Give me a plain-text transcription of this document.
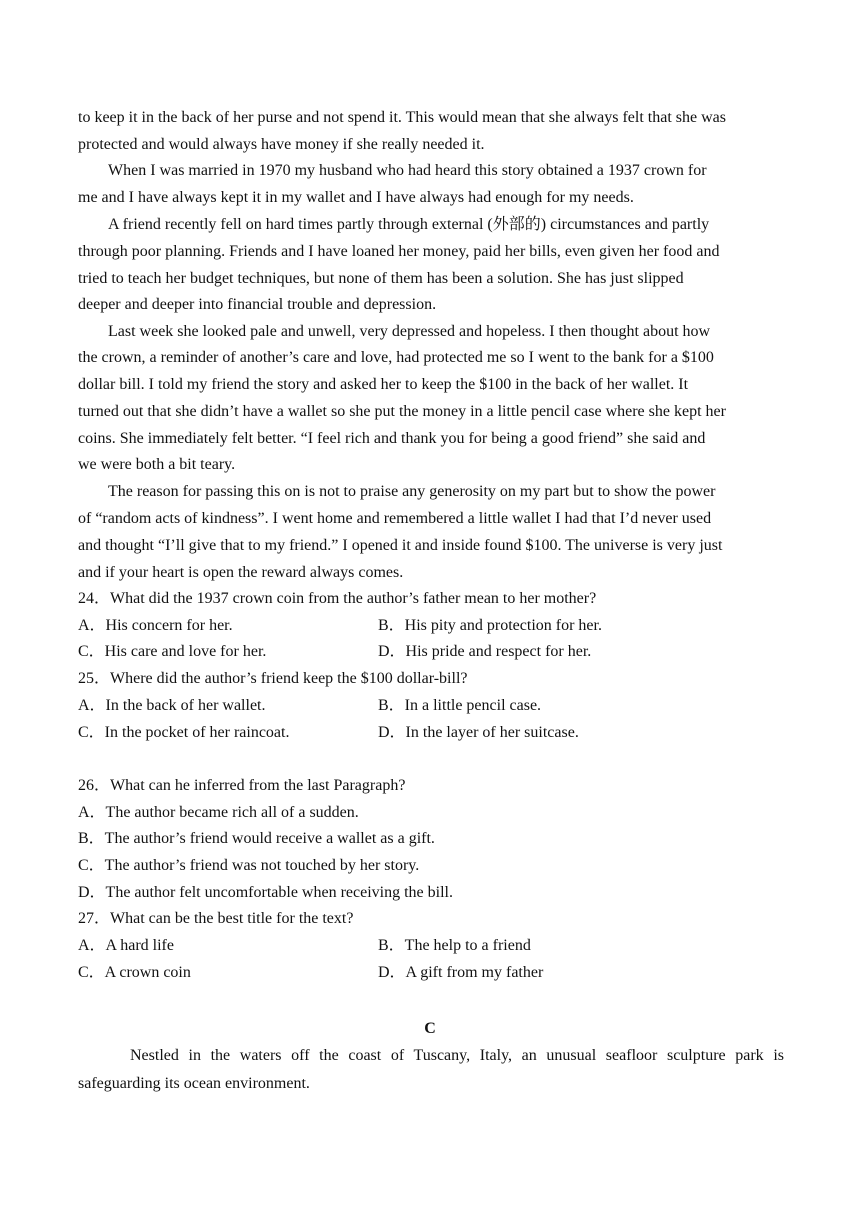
to keep it in the back of her purse and not spend it. This would mean that she always felt that she was
protected and would always have money if she really needed it.
When I was married in 1970 my husband who had heard this story obtained a 1937 crown for
me and I have always kept it in my wallet and I have always had enough for my needs.
A friend recently fell on hard times partly through external (外部的) circumstances and partly
through poor planning. Friends and I have loaned her money, paid her bills, even given her food and
tried to teach her budget techniques, but none of them has been a solution. She has just slipped
deeper and deeper into financial trouble and depression.
Last week she looked pale and unwell, very depressed and hopeless. I then thought about how
the crown, a reminder of another’s care and love, had protected me so I went to the bank for a $100
dollar bill. I told my friend the story and asked her to keep the $100 in the back of her wallet. It
turned out that she didn’t have a wallet so she put the money in a little pencil case where she kept her
coins. She immediately felt better. “I feel rich and thank you for being a good friend” she said and
we were both a bit teary.
The reason for passing this on is not to praise any generosity on my part but to show the power
of “random acts of kindness”. I went home and remembered a little wallet I had that I’d never used
and thought “I’ll give that to my friend.” I opened it and inside found $100. The universe is very just
and if your heart is open the reward always comes.
24．What did the 1937 crown coin from the author’s father mean to her mother?
A．His concern for her.	B．His pity and protection for her.
C．His care and love for her.	D．His pride and respect for her.
25．Where did the author’s friend keep the $100 dollar-bill?
A．In the back of her wallet.	B．In a little pencil case.
C．In the pocket of her raincoat.	D．In the layer of her suitcase.
26．What can he inferred from the last Paragraph?
A．The author became rich all of a sudden.
B．The author’s friend would receive a wallet as a gift.
C．The author’s friend was not touched by her story.
D．The author felt uncomfortable when receiving the bill.
27．What can be the best title for the text?
A．A hard life	B．The help to a friend
C．A crown coin	D．A gift from my father
C
Nestled in the waters off the coast of Tuscany, Italy, an unusual seafloor sculpture park is
safeguarding its ocean environment.
